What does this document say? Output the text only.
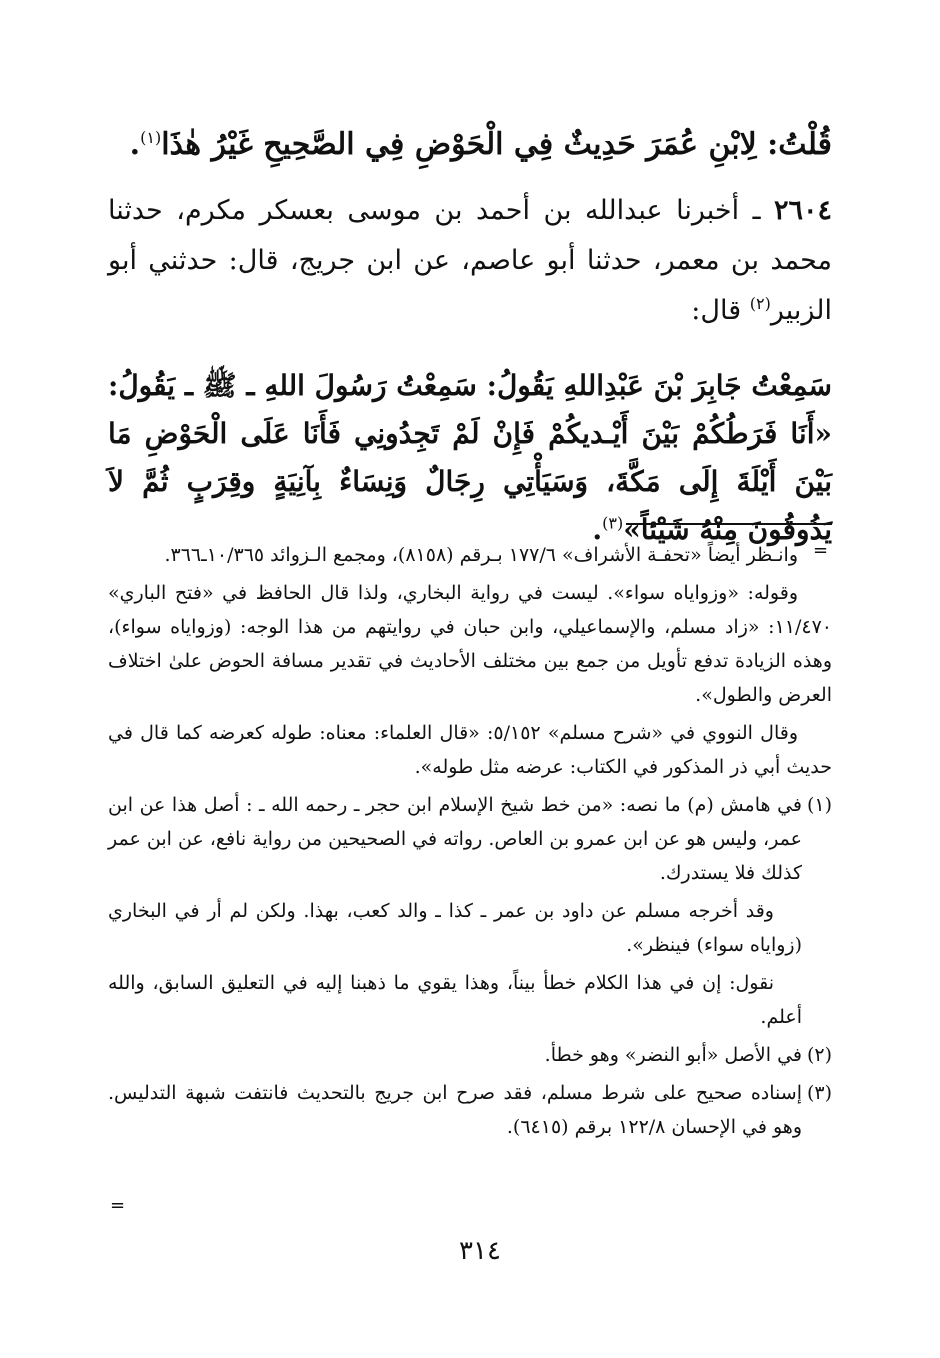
قُلْتُ: لِابْنِ عُمَرَ حَدِيثٌ فِي الْحَوْضِ فِي الصَّحِيحِ غَيْرُ هٰذَا$^{(١)}$.
٢٦٠٤ ـ أخبرنا عبدالله بن أحمد بن موسى بعسكر مكرم، حدثنا محمد بن معمر، حدثنا أبو عاصم، عن ابن جريج، قال: حدثني أبو الزبير$^{(٢)}$ قال:
سَمِعْتُ جَابِرَ بْنَ عَبْدِاللهِ يَقُولُ: سَمِعْتُ رَسُولَ اللهِ ـ ﷺ ـ يَقُولُ: «أَنَا فَرَطُكُمْ بَيْنَ أَيْـديكُمْ فَإِنْ لَمْ تَجِدُونِي فَأَنَا عَلَى الْحَوْضِ مَا بَيْنَ أَيْلَةَ إِلَى مَكَّةَ، وَسَيَأْتِي رِجَالٌ وَنِسَاءٌ بِآنِيَةٍ وقِرَبٍ ثُمَّ لاَ يَذُوقُونَ مِنْهُ شَيْئاً»$^{(٣)}$.
=

وانـظر أيضاً «تحفـة الأشراف» ١٧٧/٦ بـرقم (٨١٥٨)، ومجمع الـزوائد ١٠/٣٦٥ـ٣٦٦.

وقوله: «وزواياه سواء». ليست في رواية البخاري، ولذا قال الحافظ في «فتح الباري» ١١/٤٧٠: «زاد مسلم، والإسماعيلي، وابن حبان في روايتهم من هذا الوجه: (وزواياه سواء)، وهذه الزيادة تدفع تأويل من جمع بين مختلف الأحاديث في تقدير مسافة الحوض علىٰ اختلاف العرض والطول».

وقال النووي في «شرح مسلم» ٥/١٥٢: «قال العلماء: معناه: طوله كعرضه كما قال في حديث أبي ذر المذكور في الكتاب: عرضه مثل طوله».

(١)في هامش (م) ما نصه: «من خط شيخ الإسلام ابن حجر ـ رحمه الله ـ : أصل هذا عن ابن عمر، وليس هو عن ابن عمرو بن العاص. رواته في الصحيحين من رواية نافع، عن ابن عمر كذلك فلا يستدرك.

وقد أخرجه مسلم عن داود بن عمر ـ كذا ـ والد كعب، بهذا. ولكن لم أر في البخاري (زواياه سواء) فينظر».

نقول: إن في هذا الكلام خطأ بيناً، وهذا يقوي ما ذهبنا إليه في التعليق السابق، والله أعلم.

(٢)في الأصل «أبو النضر» وهو خطأ.

(٣)إسناده صحيح على شرط مسلم، فقد صرح ابن جريج بالتحديث فانتفت شبهة التدليس. وهو في الإحسان ١٢٢/٨ برقم (٦٤١٥).

=
٣١٤
